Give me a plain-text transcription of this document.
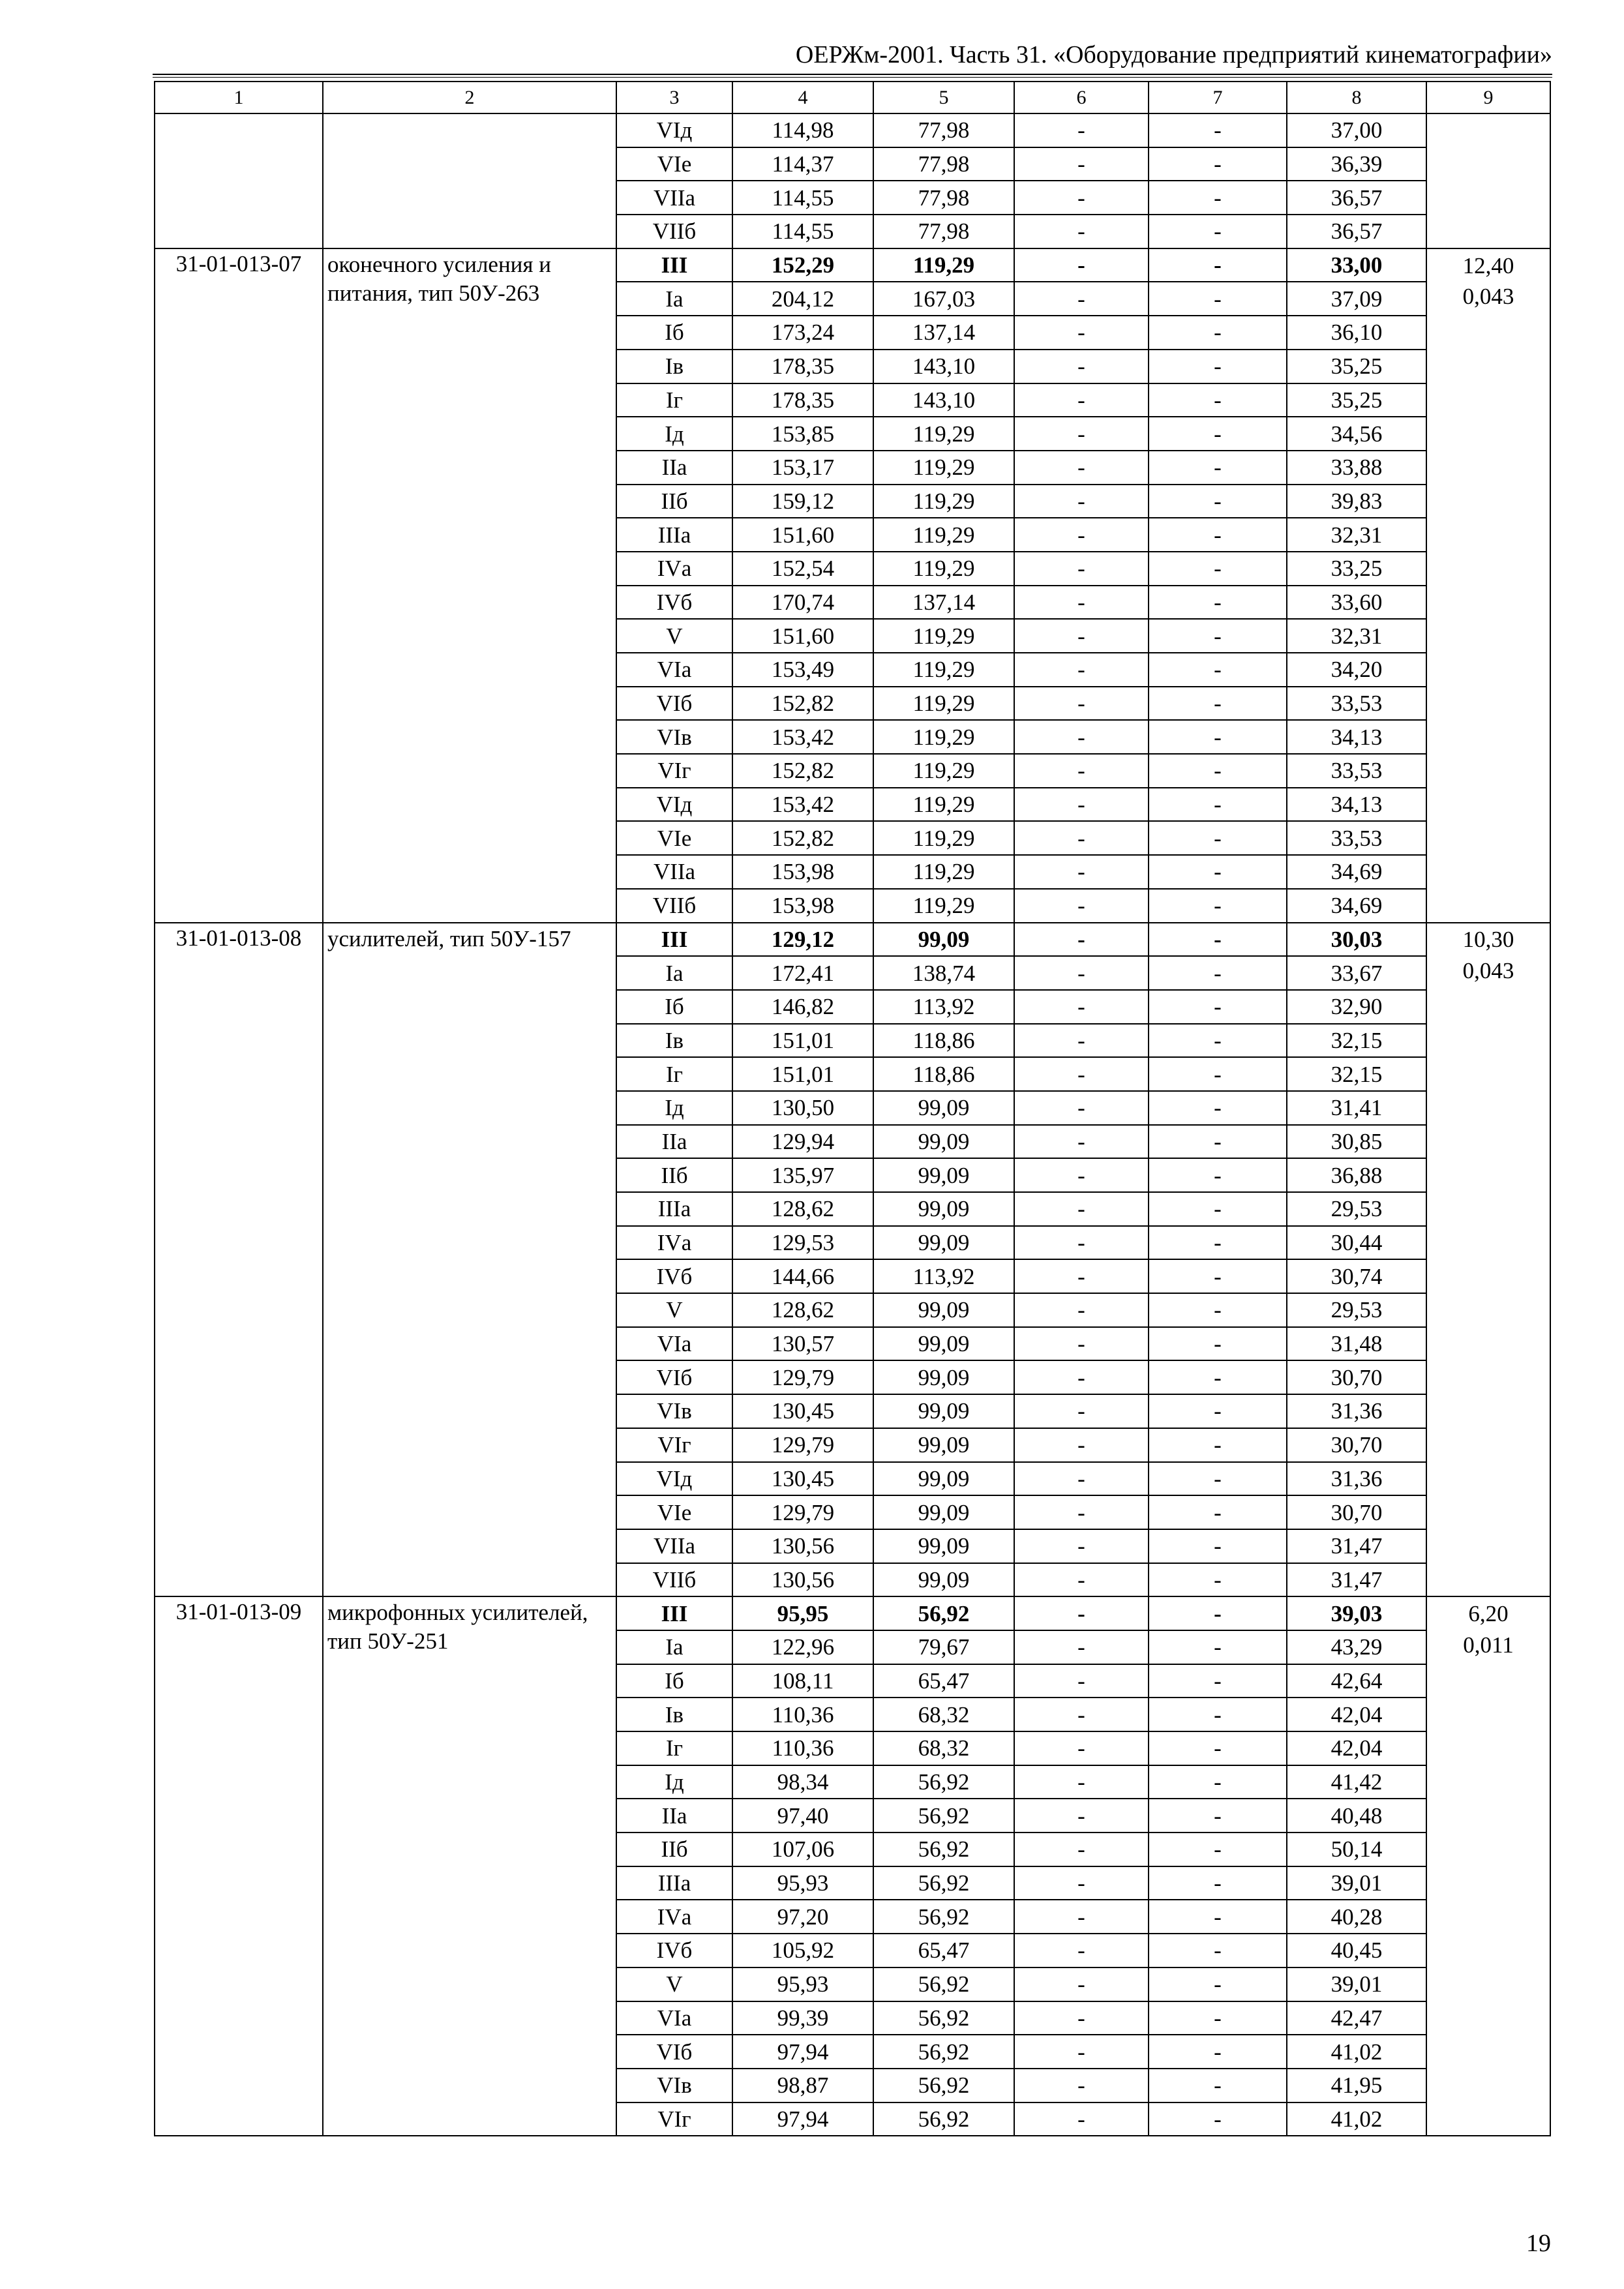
ОЕРЖм-2001. Часть 31. «Оборудование предприятий кинематографии»
1	2	3	4	5	6	7	8	9
		VIд	114,98	77,98	-	-	37,00	
		VIе	114,37	77,98	-	-	36,39	
		VIIа	114,55	77,98	-	-	36,57	
		VIIб	114,55	77,98	-	-	36,57	
31-01-013-07	оконечного усиления и питания, тип 50У-263	III	152,29	119,29	-	-	33,00	12,40
		Iа	204,12	167,03	-	-	37,09	0,043
		Iб	173,24	137,14	-	-	36,10	
		Iв	178,35	143,10	-	-	35,25	
		Iг	178,35	143,10	-	-	35,25	
		Iд	153,85	119,29	-	-	34,56	
		IIа	153,17	119,29	-	-	33,88	
		IIб	159,12	119,29	-	-	39,83	
		IIIа	151,60	119,29	-	-	32,31	
		IVа	152,54	119,29	-	-	33,25	
		IVб	170,74	137,14	-	-	33,60	
		V	151,60	119,29	-	-	32,31	
		VIа	153,49	119,29	-	-	34,20	
		VIб	152,82	119,29	-	-	33,53	
		VIв	153,42	119,29	-	-	34,13	
		VIг	152,82	119,29	-	-	33,53	
		VIд	153,42	119,29	-	-	34,13	
		VIе	152,82	119,29	-	-	33,53	
		VIIа	153,98	119,29	-	-	34,69	
		VIIб	153,98	119,29	-	-	34,69	
31-01-013-08	усилителей, тип 50У-157	III	129,12	99,09	-	-	30,03	10,30
		Iа	172,41	138,74	-	-	33,67	0,043
		Iб	146,82	113,92	-	-	32,90	
		Iв	151,01	118,86	-	-	32,15	
		Iг	151,01	118,86	-	-	32,15	
		Iд	130,50	99,09	-	-	31,41	
		IIа	129,94	99,09	-	-	30,85	
		IIб	135,97	99,09	-	-	36,88	
		IIIа	128,62	99,09	-	-	29,53	
		IVа	129,53	99,09	-	-	30,44	
		IVб	144,66	113,92	-	-	30,74	
		V	128,62	99,09	-	-	29,53	
		VIа	130,57	99,09	-	-	31,48	
		VIб	129,79	99,09	-	-	30,70	
		VIв	130,45	99,09	-	-	31,36	
		VIг	129,79	99,09	-	-	30,70	
		VIд	130,45	99,09	-	-	31,36	
		VIе	129,79	99,09	-	-	30,70	
		VIIа	130,56	99,09	-	-	31,47	
		VIIб	130,56	99,09	-	-	31,47	
31-01-013-09	микрофонных усилителей, тип 50У-251	III	95,95	56,92	-	-	39,03	6,20
		Iа	122,96	79,67	-	-	43,29	0,011
		Iб	108,11	65,47	-	-	42,64	
		Iв	110,36	68,32	-	-	42,04	
		Iг	110,36	68,32	-	-	42,04	
		Iд	98,34	56,92	-	-	41,42	
		IIа	97,40	56,92	-	-	40,48	
		IIб	107,06	56,92	-	-	50,14	
		IIIа	95,93	56,92	-	-	39,01	
		IVа	97,20	56,92	-	-	40,28	
		IVб	105,92	65,47	-	-	40,45	
		V	95,93	56,92	-	-	39,01	
		VIа	99,39	56,92	-	-	42,47	
		VIб	97,94	56,92	-	-	41,02	
		VIв	98,87	56,92	-	-	41,95	
		VIг	97,94	56,92	-	-	41,02	
19
